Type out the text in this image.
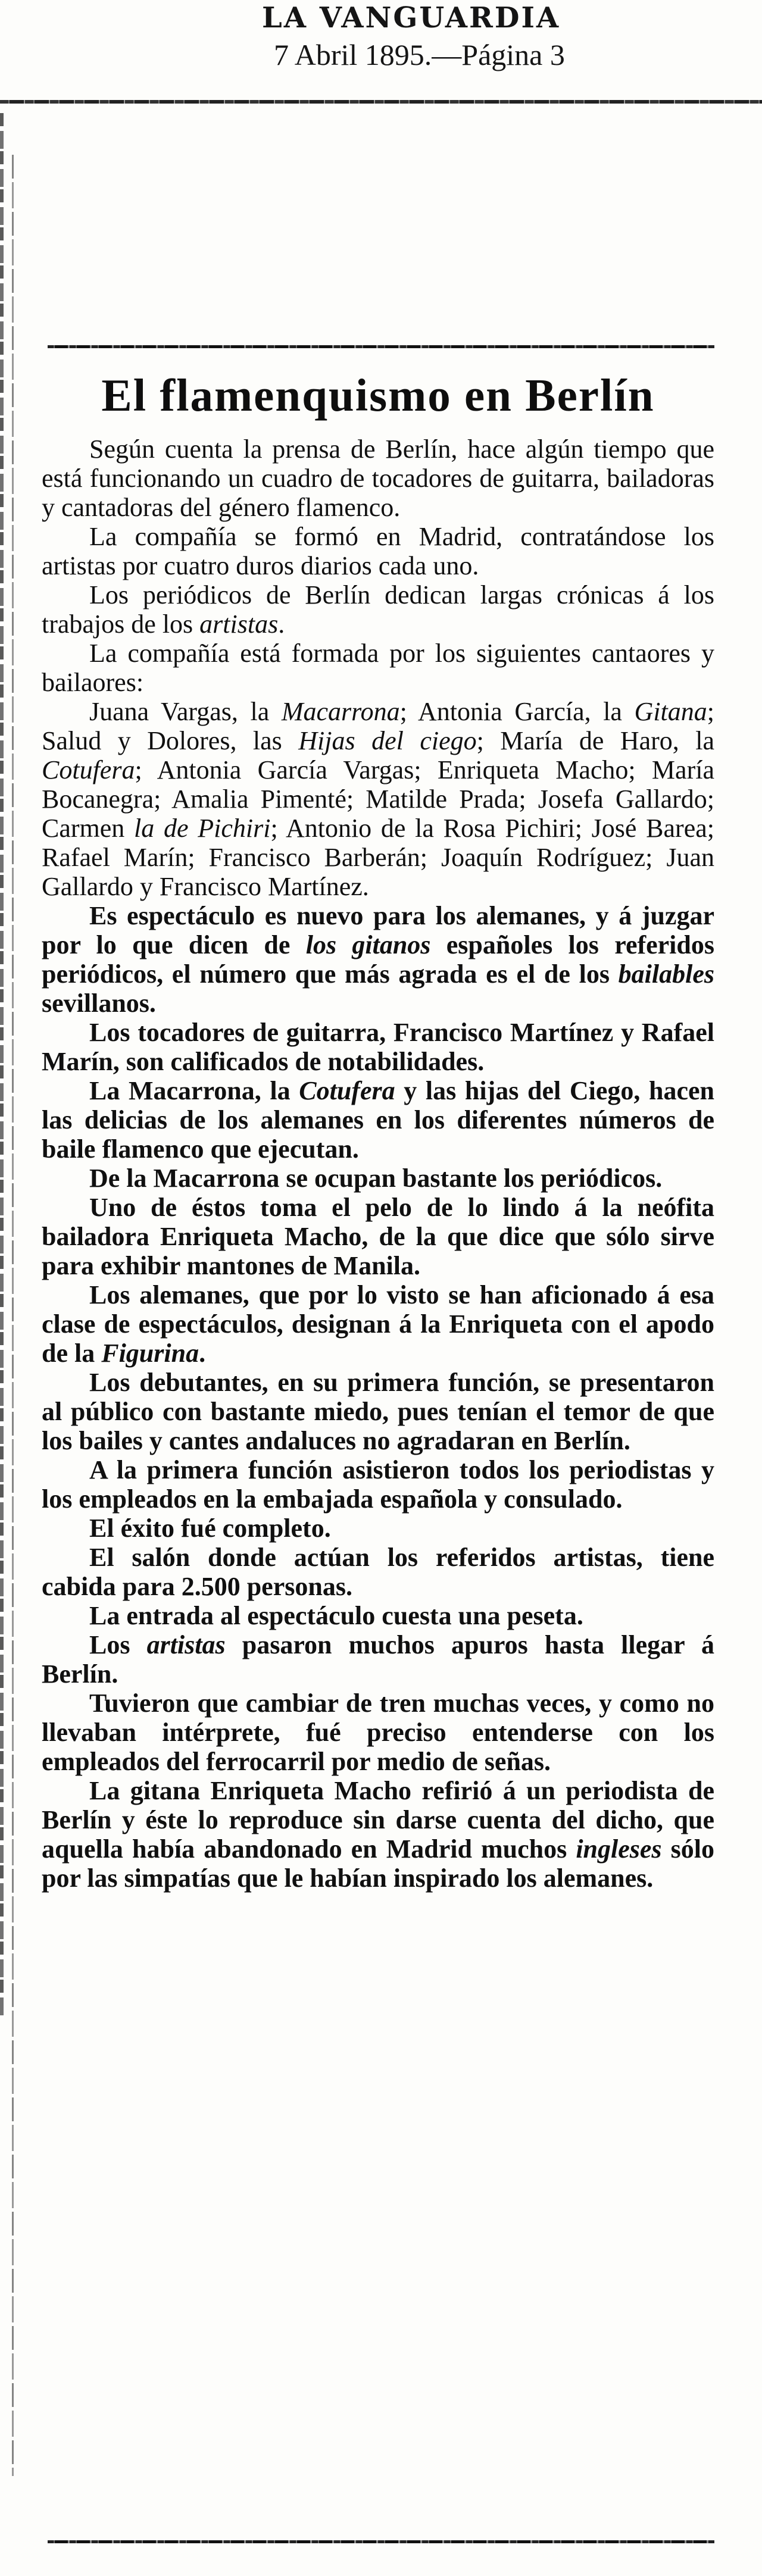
LA VANGUARDIA
7 Abril 1895.—Página 3
El flamenquismo en Berlín

Según cuenta la prensa de Berlín, hace algún tiempo que está funcionando un cuadro de tocadores de guitarra, bailadoras y cantadoras del género flamenco.

La compañía se formó en Madrid, contratándose los artistas por cuatro duros diarios cada uno.

Los periódicos de Berlín dedican largas crónicas á los trabajos de los artistas.

La compañía está formada por los siguientes cantaores y bailaores:

Juana Vargas, la Macarrona; Antonia García, la Gitana; Salud y Dolores, las Hijas del ciego; María de Haro, la Cotufera; Antonia García Vargas; Enriqueta Macho; María Bocanegra; Amalia Pimenté; Matilde Prada; Josefa Gallardo; Carmen la de Pichiri; Antonio de la Rosa Pichiri; José Barea; Rafael Marín; Francisco Barberán; Joaquín Rodríguez; Juan Gallardo y Francisco Martínez.

Es espectáculo es nuevo para los alemanes, y á juzgar por lo que dicen de los gitanos españoles los referidos periódicos, el número que más agrada es el de los bailables sevillanos.

Los tocadores de guitarra, Francisco Martínez y Rafael Marín, son calificados de notabilidades.

La Macarrona, la Cotufera y las hijas del Ciego, hacen las delicias de los alemanes en los diferentes números de baile flamenco que ejecutan.

De la Macarrona se ocupan bastante los periódicos.

Uno de éstos toma el pelo de lo lindo á la neófita bailadora Enriqueta Macho, de la que dice que sólo sirve para exhibir mantones de Manila.

Los alemanes, que por lo visto se han aficionado á esa clase de espectáculos, designan á la Enriqueta con el apodo de la Figurina.

Los debutantes, en su primera función, se presentaron al público con bastante miedo, pues tenían el temor de que los bailes y cantes andaluces no agradaran en Berlín.

A la primera función asistieron todos los periodistas y los empleados en la embajada española y consulado.

El éxito fué completo.

El salón donde actúan los referidos artistas, tiene cabida para 2.500 personas.

La entrada al espectáculo cuesta una peseta.

Los artistas pasaron muchos apuros hasta llegar á Berlín.

Tuvieron que cambiar de tren muchas veces, y como no llevaban intérprete, fué preciso entenderse con los empleados del ferrocarril por medio de señas.

La gitana Enriqueta Macho refirió á un periodista de Berlín y éste lo reproduce sin darse cuenta del dicho, que aquella había abandonado en Madrid muchos ingleses sólo por las simpatías que le habían inspirado los alemanes.
